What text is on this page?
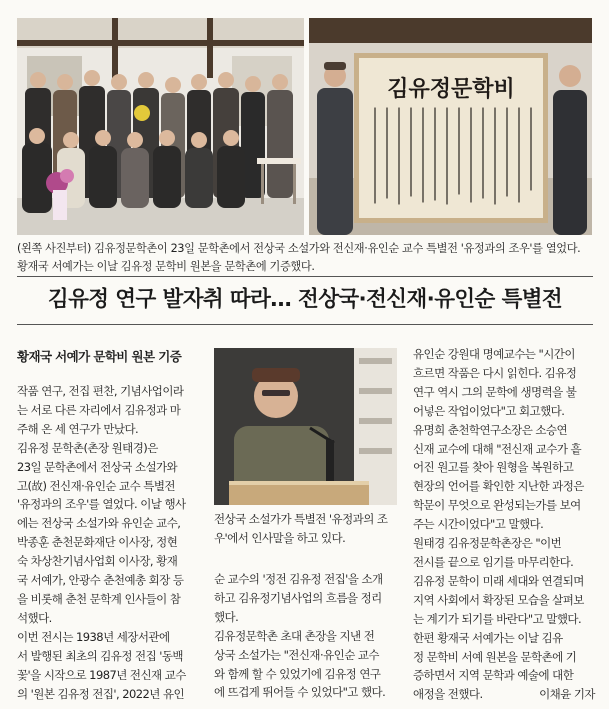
김유정문학비
(왼쪽 사진부터) 김유정문학촌이 23일 문학촌에서 전상국 소설가와 전신재·유인순 교수 특별전 '유정과의 조우'를 열었다.
황재국 서예가는 이날 김유정 문학비 원본을 문학촌에 기증했다.
김유정 연구 발자취 따라… 전상국·전신재·유인순 특별전
황재국 서예가 문학비 원본 기증
작품 연구, 전집 편찬, 기념사업이라
는 서로 다른 자리에서 김유정과 마
주해 온 세 연구가 만났다.
김유정 문학촌(촌장 원태경)은
23일 문학촌에서 전상국 소설가와
고(故) 전신재·유인순 교수 특별전
'유정과의 조우'를 열었다. 이날 행사
에는 전상국 소설가와 유인순 교수,
박종훈 춘천문화재단 이사장, 정현
숙 차상찬기념사업회 이사장, 황재
국 서예가, 안광수 춘천예총 회장 등
을 비롯해 춘천 문학계 인사들이 참
석했다.
이번 전시는 1938년 세장서관에
서 발행된 최초의 김유정 전집 '동백
꽃'을 시작으로 1987년 전신재 교수
의 '원본 김유정 전집', 2022년 유인
전상국 소설가가 특별전 '유정과의 조
우'에서 인사말을 하고 있다.
순 교수의 '정전 김유정 전집'을 소개
하고 김유정기념사업의 흐름을 정리
했다.
김유정문학촌 초대 촌장을 지낸 전
상국 소설가는 "전신재·유인순 교수
와 함께 할 수 있었기에 김유정 연구
에 뜨겁게 뛰어들 수 있었다"고 했다.
유인순 강원대 명예교수는 "시간이
흐르면 작품은 다시 읽힌다. 김유정
연구 역시 그의 문학에 생명력을 불
어넣은 작업이었다"고 회고했다.
유명희 춘천학연구소장은 소승연
신재 교수에 대해 "전신재 교수가 흩
어진 원고를 찾아 원형을 복원하고
현장의 언어를 확인한 지난한 과정은
학문이 무엇으로 완성되는가를 보여
주는 시간이었다"고 말했다.
원태경 김유정문학촌장은 "이번
전시를 끝으로 임기를 마무리한다.
김유정 문학이 미래 세대와 연결되며
지역 사회에서 확장된 모습을 살펴보
는 계기가 되기를 바란다"고 말했다.
한편 황재국 서예가는 이날 김유
정 문학비 서예 원본을 문학촌에 기
증하면서 지역 문학과 예술에 대한
애정을 전했다.	이채윤 기자
